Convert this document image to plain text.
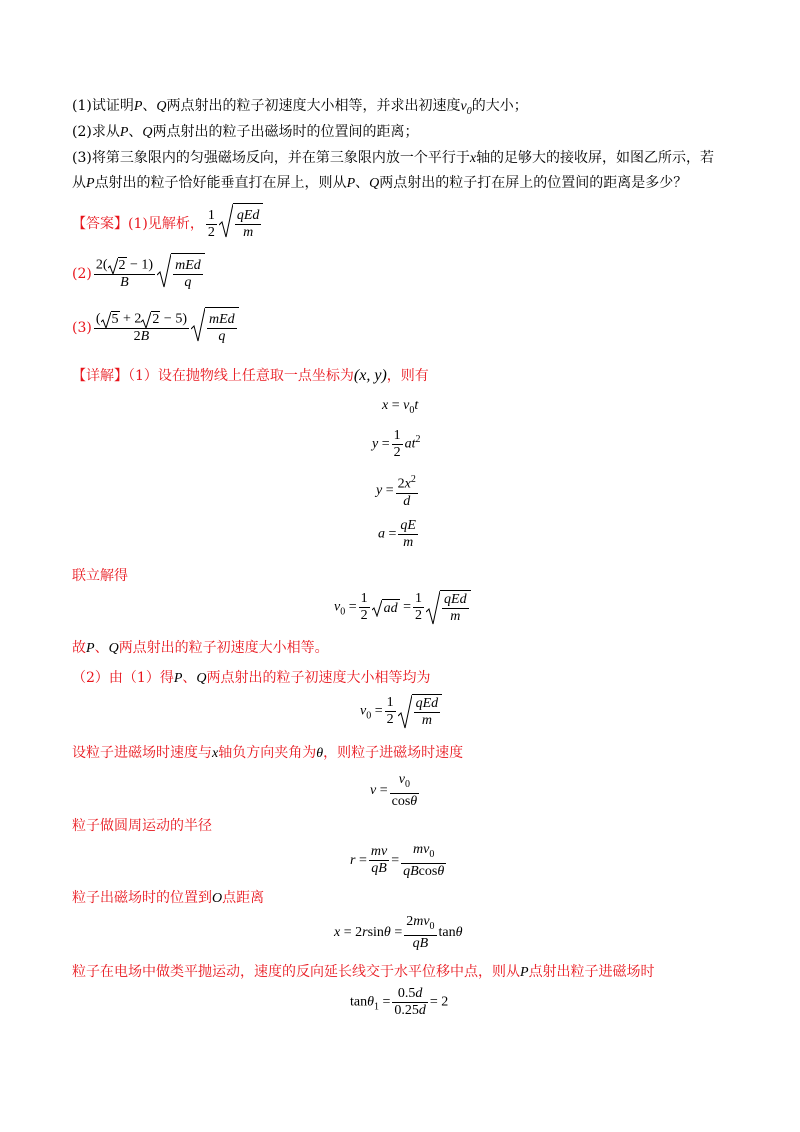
(1)试证明P、Q两点射出的粒子初速度大小相等，并求出初速度$v_0$的大小；
(2)求从P、Q两点射出的粒子出磁场时的位置间的距离；
(3)将第三象限内的匀强磁场反向，并在第三象限内放一个平行于x轴的足够大的接收屏，如图乙所示，若
从P点射出的粒子恰好能垂直打在屏上，则从P、Q两点射出的粒子打在屏上的位置间的距离是多少？
【答案】(1)见解析， $\frac{1}{2} \frac{\text{qEd}}{m}$
$(2) \frac{2( 2 - 1)}{B} \frac{\text{mEd}}{q}$
$(3) \frac{( 5 + 2 2 - 5)}{2B} \frac{\text{mEd}}{q}$
【详解】（1）设在抛物线上任意取一点坐标为(x, y)，则有
$x = v_0t$
$y = \frac{1}{2} at^2$
$y = \frac{2x^2}{d}$
$a = \frac{qE}{m}$
联立解得
$v_0 = \frac{1}{2}$ ad = $\frac{1}{2} \frac{\text{qEd}}{m}$
故P、Q两点射出的粒子初速度大小相等。
（2）由（1）得P、Q两点射出的粒子初速度大小相等均为
$v_0 = \frac{1}{2} \frac{\text{qEd}}{m}$
设粒子进磁场时速度与x轴负方向夹角为θ，则粒子进磁场时速度
$v = \frac{v_0}{\cos\theta}$
粒子做圆周运动的半径
$r = \frac{mv}{qB} = \frac{mv_0}{qBcos\theta}$
粒子出磁场时的位置到O点距离
$x = 2rsin\theta = \frac{2mv_0}{qB}$ tanθ
粒子在电场中做类平抛运动，速度的反向延长线交于水平位移中点，则从P点射出粒子进磁场时
$\tan\theta_1 = \frac{0.5d}{0.25d} = 2$
